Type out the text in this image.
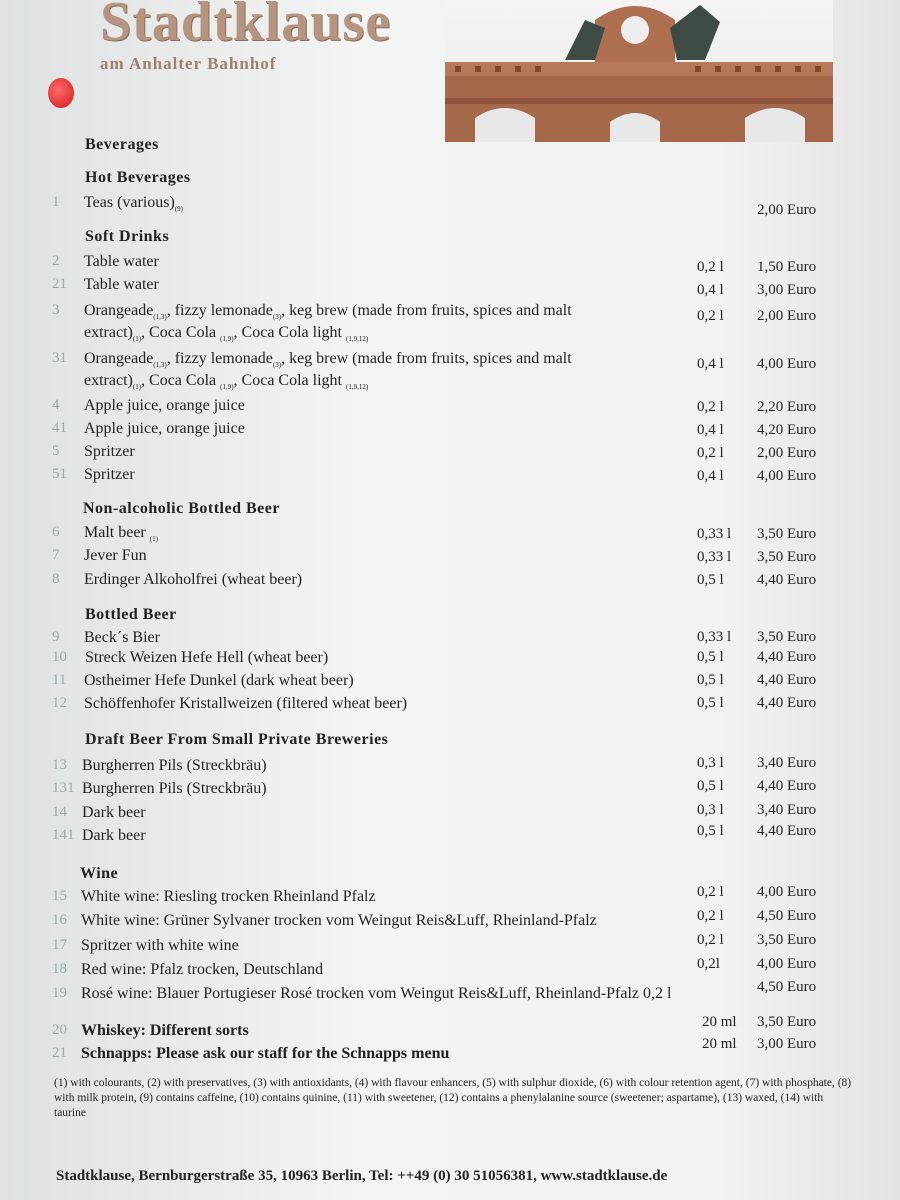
Stadtklause
am Anhalter Bahnhof
Beverages
Hot Beverages
1	Teas $(various)_{(9)}$	2,00 Euro
Soft Drinks
2	Table water	0,2 l 1,50 Euro
21	Table water	0,4 l 3,00 Euro
3	Orangeade$_{(1,3)}$, fizzy lemonade$_{(3)}$, keg brew (made from fruits, spices and malt
$extract)_{(1)}$, Coca Cola $_{(1,9)}$, Coca Cola light $_{(1,9,12)}$
0,2 l 2,00 Euro
31	Orangeade$_{(1,3)}$, fizzy lemonade$_{(3)}$, keg brew (made from fruits, spices and malt
$extract)_{(1)}$, Coca Cola $_{(1,9)}$, Coca Cola light $_{(1,9,12)}$
0,4 l 4,00 Euro
4	Apple juice, orange juice	0,2 l 2,20 Euro
41	Apple juice, orange juice	0,4 l 4,20 Euro
5	Spritzer	0,2 l 2,00 Euro
51	Spritzer	0,4 l 4,00 Euro
Non-alcoholic Bottled Beer
6	Malt beer $_{(1)}$	0,33 l 3,50 Euro
7	Jever Fun	0,33 l 3,50 Euro
8	Erdinger Alkoholfrei (wheat beer)	0,5 l 4,40 Euro
Bottled Beer
9	Beck´s Bier	0,33 l 3,50 Euro
10	Streck Weizen Hefe Hell (wheat beer)	0,5 l 4,40 Euro
11	Ostheimer Hefe Dunkel (dark wheat beer)	0,5 l 4,40 Euro
12	Schöffenhofer Kristallweizen (filtered wheat beer)	0,5 l 4,40 Euro
Draft Beer From Small Private Breweries
13 Burgherren Pils (Streckbräu)	0,3 l 3,40 Euro
131 Burgherren Pils (Streckbräu)	0,5 l 4,40 Euro
14 Dark beer	0,3 l 3,40 Euro
141 Dark beer	0,5 l 4,40 Euro
Wine
15 White wine: Riesling trocken Rheinland Pfalz	0,2 l 4,00 Euro
16 White wine: Grüner Sylvaner trocken vom Weingut Reis&Luff, Rheinland-Pfalz	0,2 l 4,50 Euro
17 Spritzer with white wine	0,2 l 3,50 Euro
18 Red wine: Pfalz trocken, Deutschland	0,2l 4,00 Euro
19 Rosé wine: Blauer Portugieser Rosé trocken vom Weingut Reis&Luff, Rheinland-Pfalz 0,2 l	4,50 Euro
20 Whiskey: Different sorts	20 ml 3,50 Euro
21 Schnapps: Please ask our staff for the Schnapps menu
20 ml 3,00 Euro
(1) with colourants, (2) with preservatives, (3) with antioxidants, (4) with flavour enhancers, (5) with sulphur dioxide, (6) with colour retention agent, (7) with phosphate, (8) with milk protein, (9) contains caffeine, (10) contains quinine, (11) with sweetener, (12) contains a phenylalanine source (sweetener; aspartame), (13) waxed, (14) with taurine
Stadtklause, Bernburgerstraße 35, 10963 Berlin, Tel: ++49 (0) 30 51056381, www.stadtklause.de
